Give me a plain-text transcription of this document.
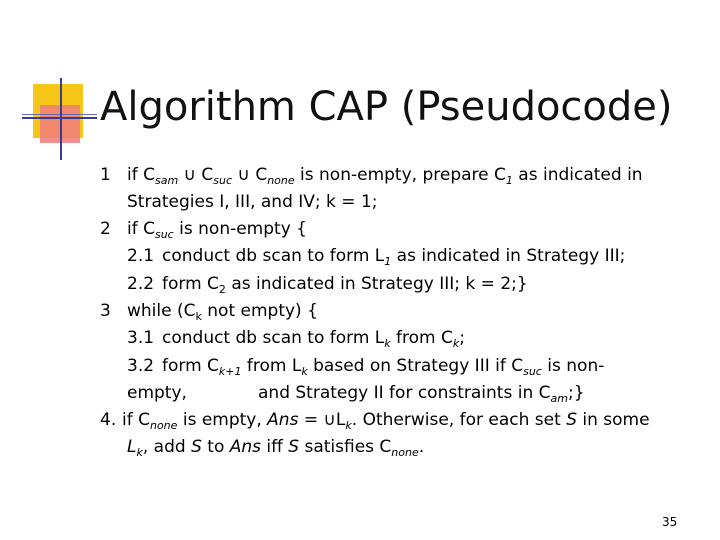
Algorithm CAP (Pseudocode)
1 if $C_{sam}$ ∪ $C_{suc}$ ∪ $C_{none}$ is non-empty, prepare $C_1$ as indicated in
Strategies I, III, and IV; k = 1;
2 if $C_{suc}$ is non-empty {
2.1 conduct db scan to form $L_1$ as indicated in Strategy III;
2.2 form $C_2$ as indicated in Strategy III; k = 2;}
3 while ($C_k$ not empty) {
3.1 conduct db scan to form $L_k$ from $C_k$;
3.2 form $C_{k+1}$ from $L_k$ based on Strategy III if $C_{suc}$ is non-
empty,	and Strategy II for constraints in $C_{am}$;}
4. if $C_{none}$ is empty, Ans = $\cup L_k$. Otherwise, for each set S in some
$L_k$, add S to Ans iff S satisfies $C_{none}$.
35
